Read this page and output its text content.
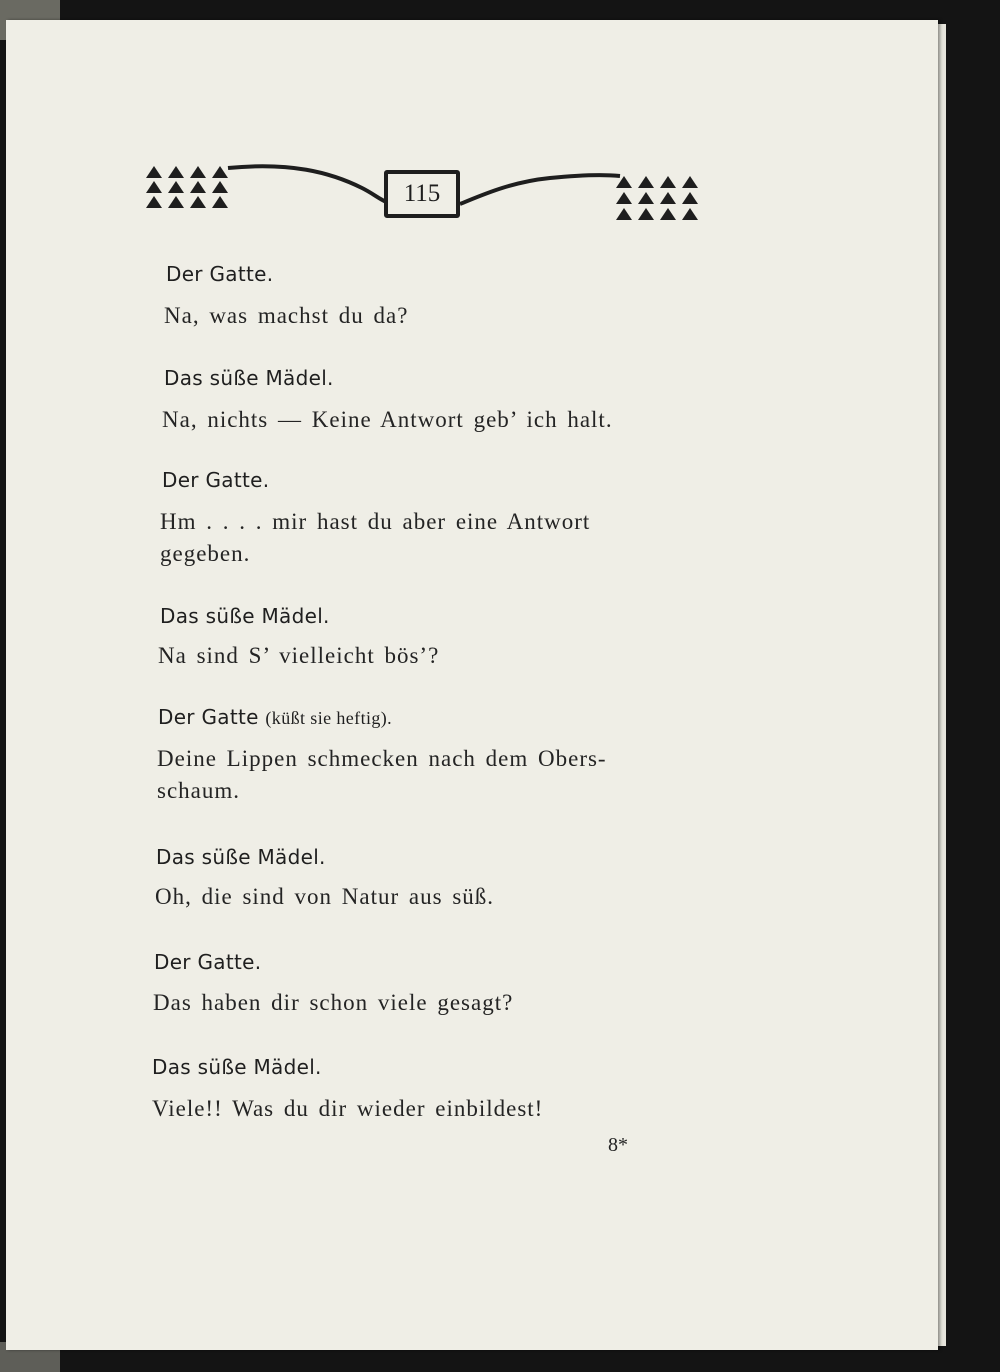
115
Der Gatte.
Na, was machst du da?
Das süße Mädel.
Na, nichts — Keine Antwort geb’ ich halt.
Der Gatte.
Hm . . . . mir hast du aber eine Antwort
gegeben.
Das süße Mädel.
Na sind S’ vielleicht bös’?
Der Gatte (küßt sie heftig).
Deine Lippen schmecken nach dem Obers-
schaum.
Das süße Mädel.
Oh, die sind von Natur aus süß.
Der Gatte.
Das haben dir schon viele gesagt?
Das süße Mädel.
Viele!! Was du dir wieder einbildest!
8*
